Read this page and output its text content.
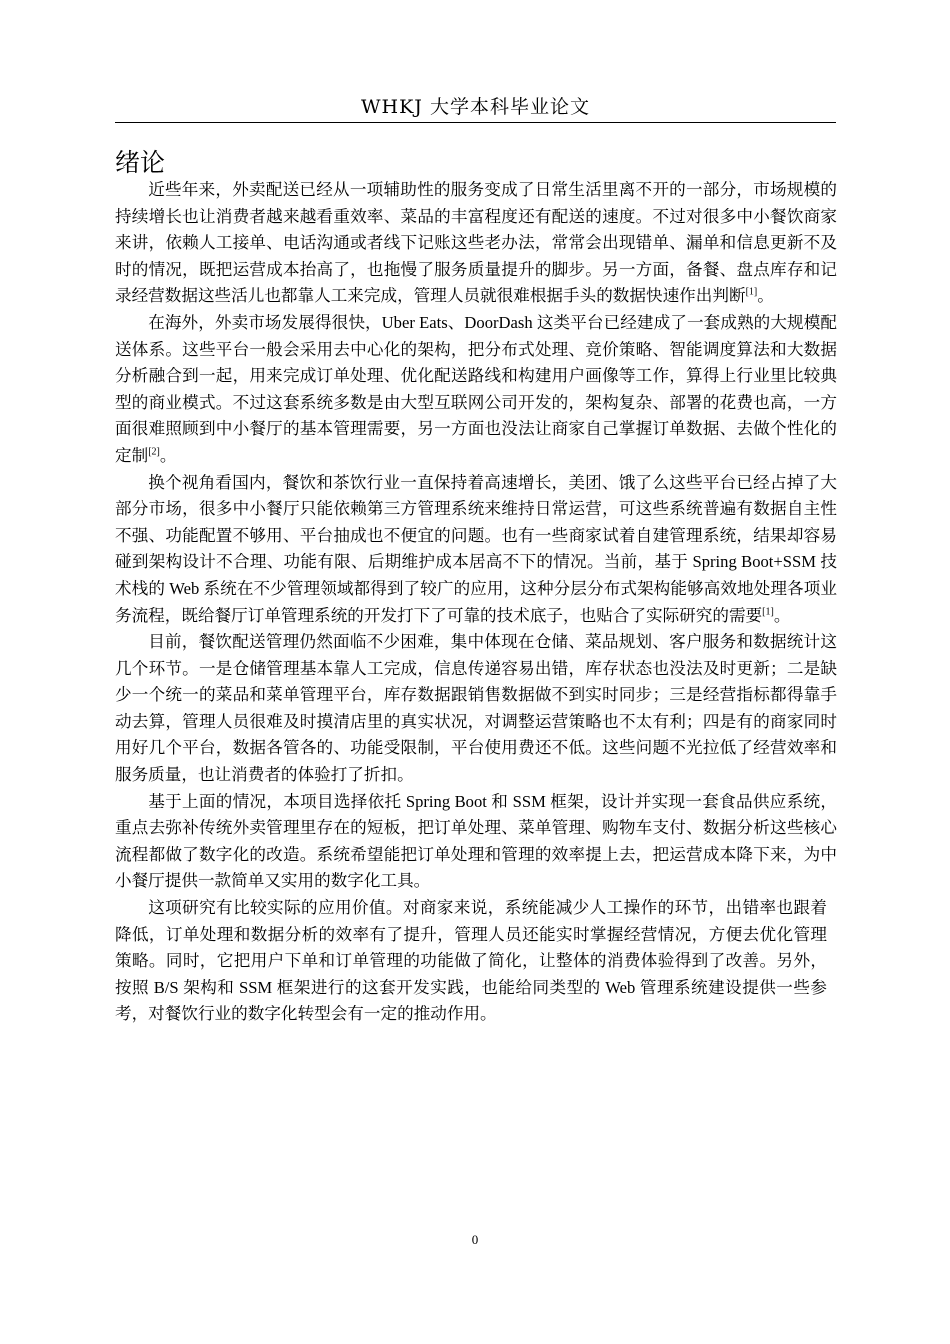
WHKJ 大学本科毕业论文
绪论

近些年来，外卖配送已经从一项辅助性的服务变成了日常生活里离不开的一部分，市场规模的持续增长也让消费者越来越看重效率、菜品的丰富程度还有配送的速度。不过对很多中小餐饮商家来讲，依赖人工接单、电话沟通或者线下记账这些老办法，常常会出现错单、漏单和信息更新不及时的情况，既把运营成本抬高了，也拖慢了服务质量提升的脚步。另一方面，备餐、盘点库存和记录经营数据这些活儿也都靠人工来完成，管理人员就很难根据手头的数据快速作出判断[1]。

在海外，外卖市场发展得很快，Uber Eats、DoorDash 这类平台已经建成了一套成熟的大规模配送体系。这些平台一般会采用去中心化的架构，把分布式处理、竞价策略、智能调度算法和大数据分析融合到一起，用来完成订单处理、优化配送路线和构建用户画像等工作，算得上行业里比较典型的商业模式。不过这套系统多数是由大型互联网公司开发的，架构复杂、部署的花费也高，一方面很难照顾到中小餐厅的基本管理需要，另一方面也没法让商家自己掌握订单数据、去做个性化的定制[2]。

换个视角看国内，餐饮和茶饮行业一直保持着高速增长，美团、饿了么这些平台已经占掉了大部分市场，很多中小餐厅只能依赖第三方管理系统来维持日常运营，可这些系统普遍有数据自主性不强、功能配置不够用、平台抽成也不便宜的问题。也有一些商家试着自建管理系统，结果却容易碰到架构设计不合理、功能有限、后期维护成本居高不下的情况。当前，基于 Spring Boot+SSM 技术栈的 Web 系统在不少管理领域都得到了较广的应用，这种分层分布式架构能够高效地处理各项业务流程，既给餐厅订单管理系统的开发打下了可靠的技术底子，也贴合了实际研究的需要[1]。

目前，餐饮配送管理仍然面临不少困难，集中体现在仓储、菜品规划、客户服务和数据统计这几个环节。一是仓储管理基本靠人工完成，信息传递容易出错，库存状态也没法及时更新；二是缺少一个统一的菜品和菜单管理平台，库存数据跟销售数据做不到实时同步；三是经营指标都得靠手动去算，管理人员很难及时摸清店里的真实状况，对调整运营策略也不太有利；四是有的商家同时用好几个平台，数据各管各的、功能受限制，平台使用费还不低。这些问题不光拉低了经营效率和服务质量，也让消费者的体验打了折扣。

基于上面的情况，本项目选择依托 Spring Boot 和 SSM 框架，设计并实现一套食品供应系统，重点去弥补传统外卖管理里存在的短板，把订单处理、菜单管理、购物车支付、数据分析这些核心流程都做了数字化的改造。系统希望能把订单处理和管理的效率提上去，把运营成本降下来，为中小餐厅提供一款简单又实用的数字化工具。

这项研究有比较实际的应用价值。对商家来说，系统能减少人工操作的环节，出错率也跟着降低，订单处理和数据分析的效率有了提升，管理人员还能实时掌握经营情况，方便去优化管理策略。同时，它把用户下单和订单管理的功能做了简化，让整体的消费体验得到了改善。另外，按照 B/S 架构和 SSM 框架进行的这套开发实践，也能给同类型的 Web 管理系统建设提供一些参考，对餐饮行业的数字化转型会有一定的推动作用。

0
